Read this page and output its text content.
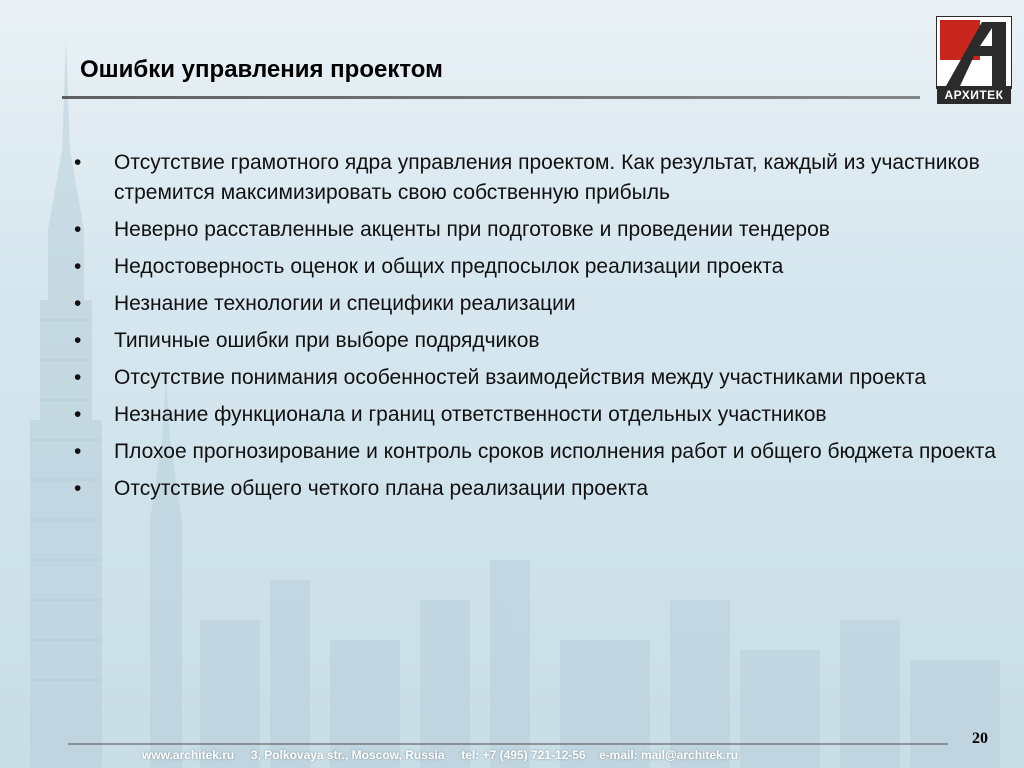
АРХИТЕК
Ошибки управления проектом
• Отсутствие грамотного ядра управления проектом. Как результат, каждый из участников стремится максимизировать свою собственную прибыль
• Неверно расставленные акценты при подготовке и проведении тендеров
• Недостоверность оценок и общих предпосылок реализации проекта
• Незнание технологии и специфики реализации
• Типичные ошибки при выборе подрядчиков
• Отсутствие понимания особенностей взаимодействия между участниками проекта
• Незнание функционала и границ ответственности отдельных участников
• Плохое прогнозирование и контроль сроков исполнения работ и общего бюджета проекта
• Отсутствие общего четкого плана реализации проекта
www.architek.ru 3, Polkovaya str., Moscow, Russia tel: +7 (495) 721-12-56 e-mail: mail@architek.ru
20
